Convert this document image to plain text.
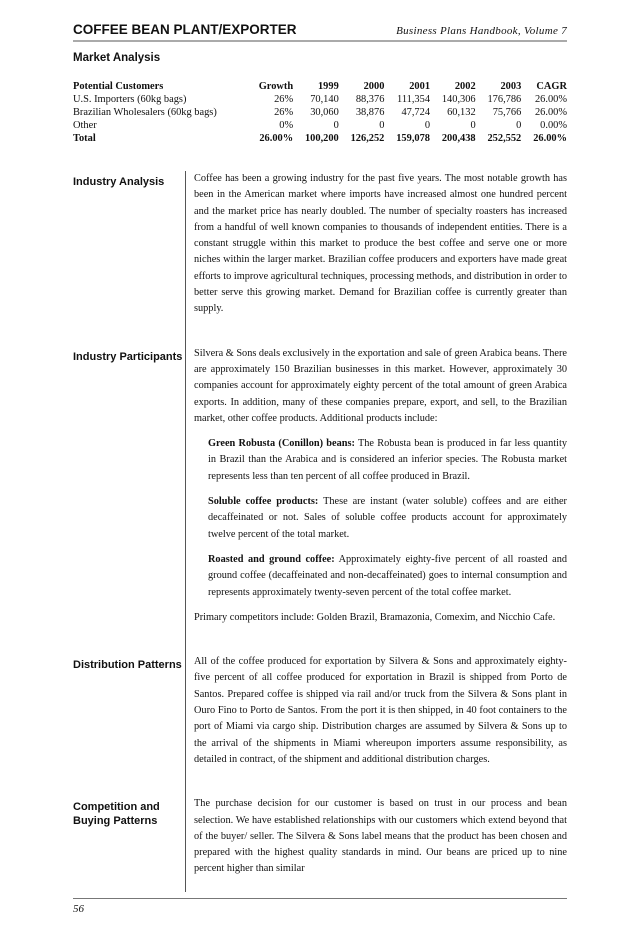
COFFEE BEAN PLANT/EXPORTER	Business Plans Handbook, Volume 7
Market Analysis
Potential Customers	Growth	1999	2000	2001	2002	2003	CAGR
U.S. Importers (60kg bags)	26%	70,140	88,376	111,354	140,306	176,786	26.00%
Brazilian Wholesalers (60kg bags)	26%	30,060	38,876	47,724	60,132	75,766	26.00%
Other	0%	0	0	0	0	0	0.00%
Total	26.00%	100,200	126,252	159,078	200,438	252,552	26.00%
Industry Analysis	Coffee has been a growing industry for the past five years. The most notable growth has been in the American market where imports have increased almost one hundred percent and the market price has nearly doubled. The number of specialty roasters has increased from a handful of well known companies to thousands of independent entities. There is a constant struggle within this market to produce the best coffee and serve one or more niches within the larger market. Brazilian coffee producers and exporters have made great efforts to improve agricultural techniques, processing methods, and distribution in order to better serve this growing market. Demand for Brazilian coffee is currently greater than supply.

Industry Participants Silvera & Sons deals exclusively in the exportation and sale of green Arabica beans. There are approximately 150 Brazilian businesses in this market. However, approximately 30 companies account for approximately eighty percent of the total amount of green Arabica exports. In addition, many of these companies prepare, export, and sell, to the Brazilian market, other coffee products. Additional products include:

Green Robusta (Conillon) beans: The Robusta bean is produced in far less quantity in Brazil than the Arabica and is considered an inferior species. The Robusta market represents less than ten percent of all coffee produced in Brazil.

Soluble coffee products: These are instant (water soluble) coffees and are either decaffeinated or not. Sales of soluble coffee products account for approximately twelve percent of the total market.

Roasted and ground coffee: Approximately eighty-five percent of all roasted and ground coffee (decaffeinated and non-decaffeinated) goes to internal consumption and represents approximately twenty-seven percent of the total coffee market.

Primary competitors include: Golden Brazil, Bramazonia, Comexim, and Nicchio Cafe.

Distribution Patterns	All of the coffee produced for exportation by Silvera & Sons and approximately eighty-five percent of all coffee produced for exportation in Brazil is shipped from Porto de Santos. Prepared coffee is shipped via rail and/or truck from the Silvera & Sons plant in Ouro Fino to Porto de Santos. From the port it is then shipped, in 40 foot containers to the port of Miami via cargo ship. Distribution charges are assumed by Silvera & Sons up to the arrival of the shipments in Miami whereupon importers assume responsibility, as detailed in contract, of the shipment and additional distribution charges.

Competition and Buying Patterns

The purchase decision for our customer is based on trust in our process and bean selection. We have established relationships with our customers which extend beyond that of the buyer/ seller. The Silvera & Sons label means that the product has been chosen and prepared with the highest quality standards in mind. Our beans are priced up to nine percent higher than similar

56
